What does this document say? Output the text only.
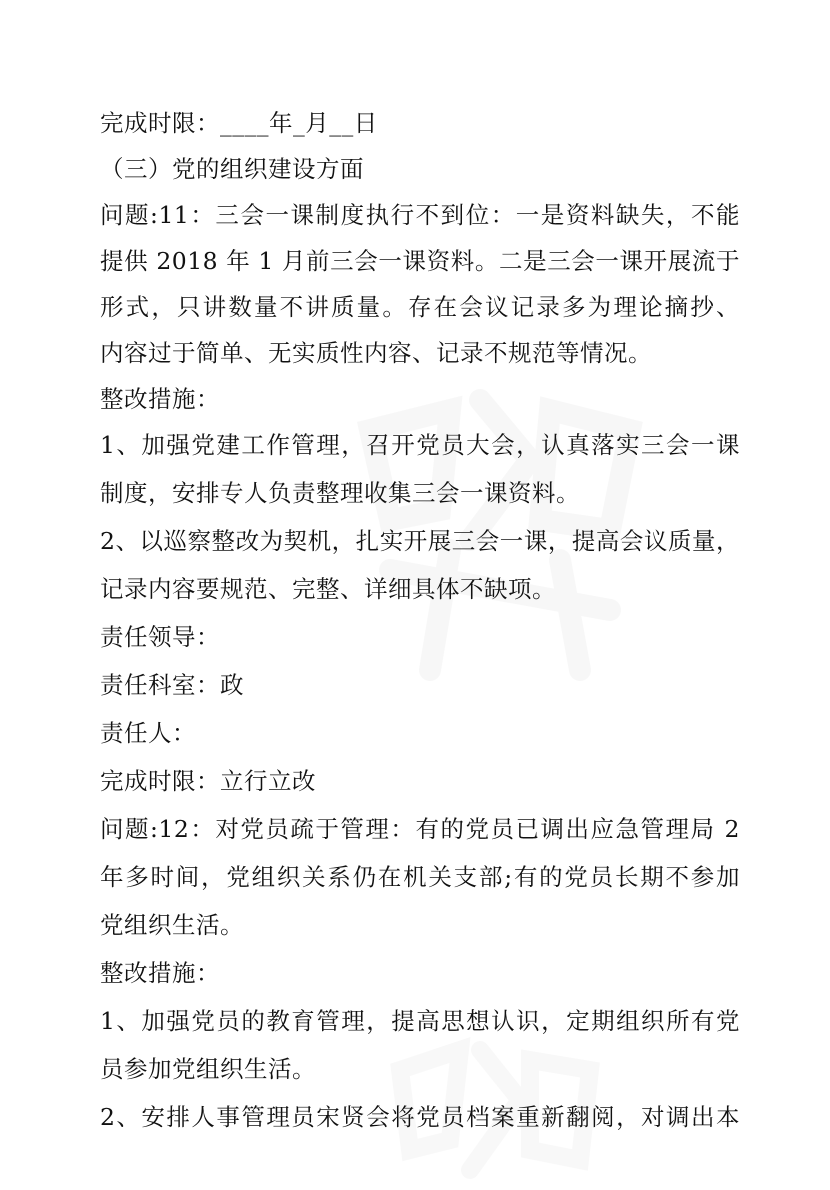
完成时限：____年_月__日
（三）党的组织建设方面
问题:11：三会一课制度执行不到位：一是资料缺失，不能
提供 2018 年 1 月前三会一课资料。二是三会一课开展流于
形式，只讲数量不讲质量。存在会议记录多为理论摘抄、
内容过于简单、无实质性内容、记录不规范等情况。
整改措施：
1、加强党建工作管理，召开党员大会，认真落实三会一课
制度，安排专人负责整理收集三会一课资料。
2、以巡察整改为契机，扎实开展三会一课，提高会议质量，
记录内容要规范、完整、详细具体不缺项。
责任领导：
责任科室：政
责任人：
完成时限：立行立改
问题:12：对党员疏于管理：有的党员已调出应急管理局 2
年多时间，党组织关系仍在机关支部;有的党员长期不参加
党组织生活。
整改措施：
1、加强党员的教育管理，提高思想认识，定期组织所有党
员参加党组织生活。
2、安排人事管理员宋贤会将党员档案重新翻阅，对调出本
